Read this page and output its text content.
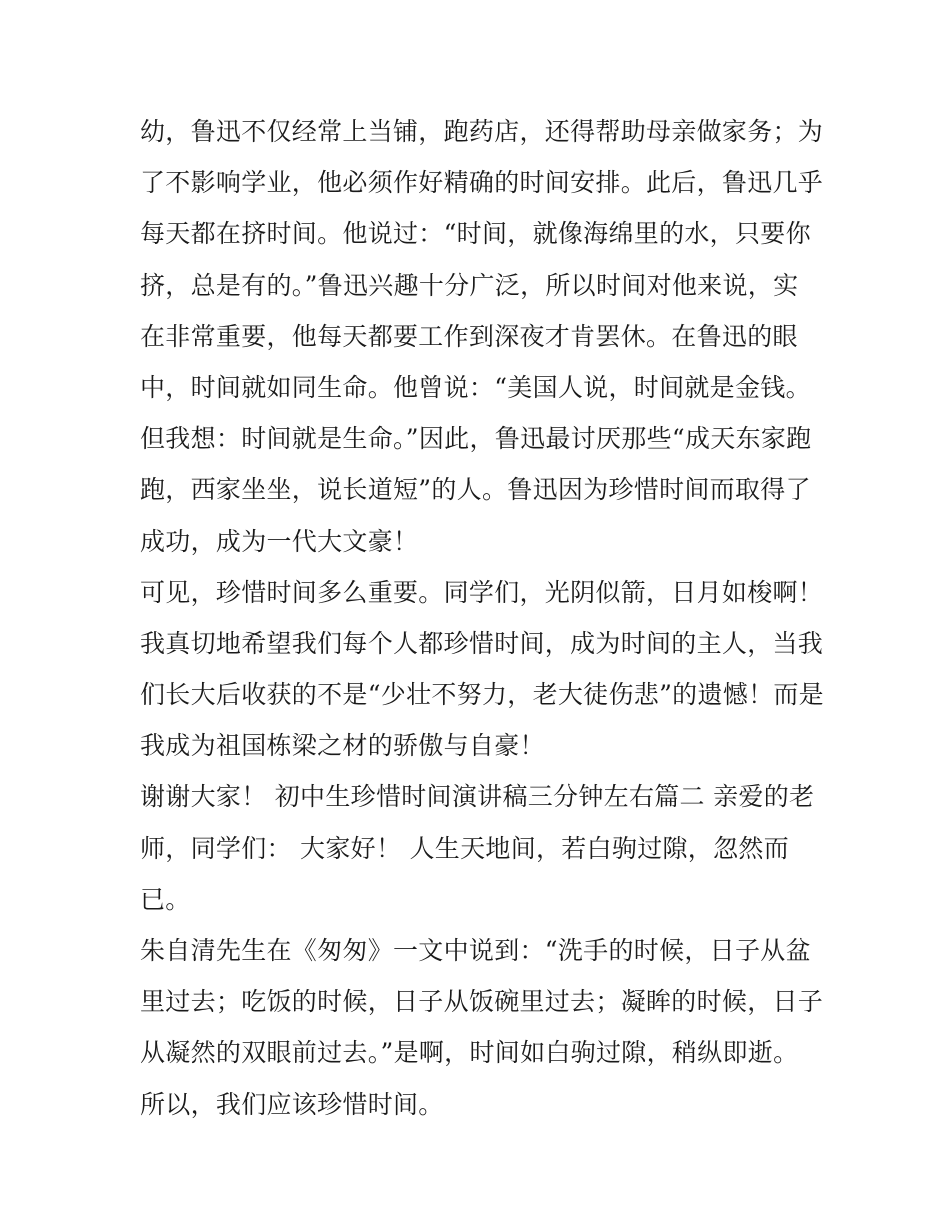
幼，鲁迅不仅经常上当铺，跑药店，还得帮助母亲做家务；为
了不影响学业，他必须作好精确的时间安排。此后，鲁迅几乎
每天都在挤时间。他说过：“时间，就像海绵里的水，只要你
挤，总是有的。”鲁迅兴趣十分广泛，所以时间对他来说，实
在非常重要，他每天都要工作到深夜才肯罢休。在鲁迅的眼
中，时间就如同生命。他曾说：“美国人说，时间就是金钱。
但我想：时间就是生命。”因此，鲁迅最讨厌那些“成天东家跑
跑，西家坐坐，说长道短”的人。鲁迅因为珍惜时间而取得了
成功，成为一代大文豪！
可见，珍惜时间多么重要。同学们，光阴似箭，日月如梭啊！
我真切地希望我们每个人都珍惜时间，成为时间的主人，当我
们长大后收获的不是“少壮不努力，老大徒伤悲”的遗憾！而是
我成为祖国栋梁之材的骄傲与自豪！
谢谢大家！ 初中生珍惜时间演讲稿三分钟左右篇二 亲爱的老
师，同学们： 大家好！ 人生天地间，若白驹过隙，忽然而
已。
朱自清先生在《匆匆》一文中说到：“洗手的时候，日子从盆
里过去；吃饭的时候，日子从饭碗里过去；凝眸的时候，日子
从凝然的双眼前过去。”是啊，时间如白驹过隙，稍纵即逝。
所以，我们应该珍惜时间。
